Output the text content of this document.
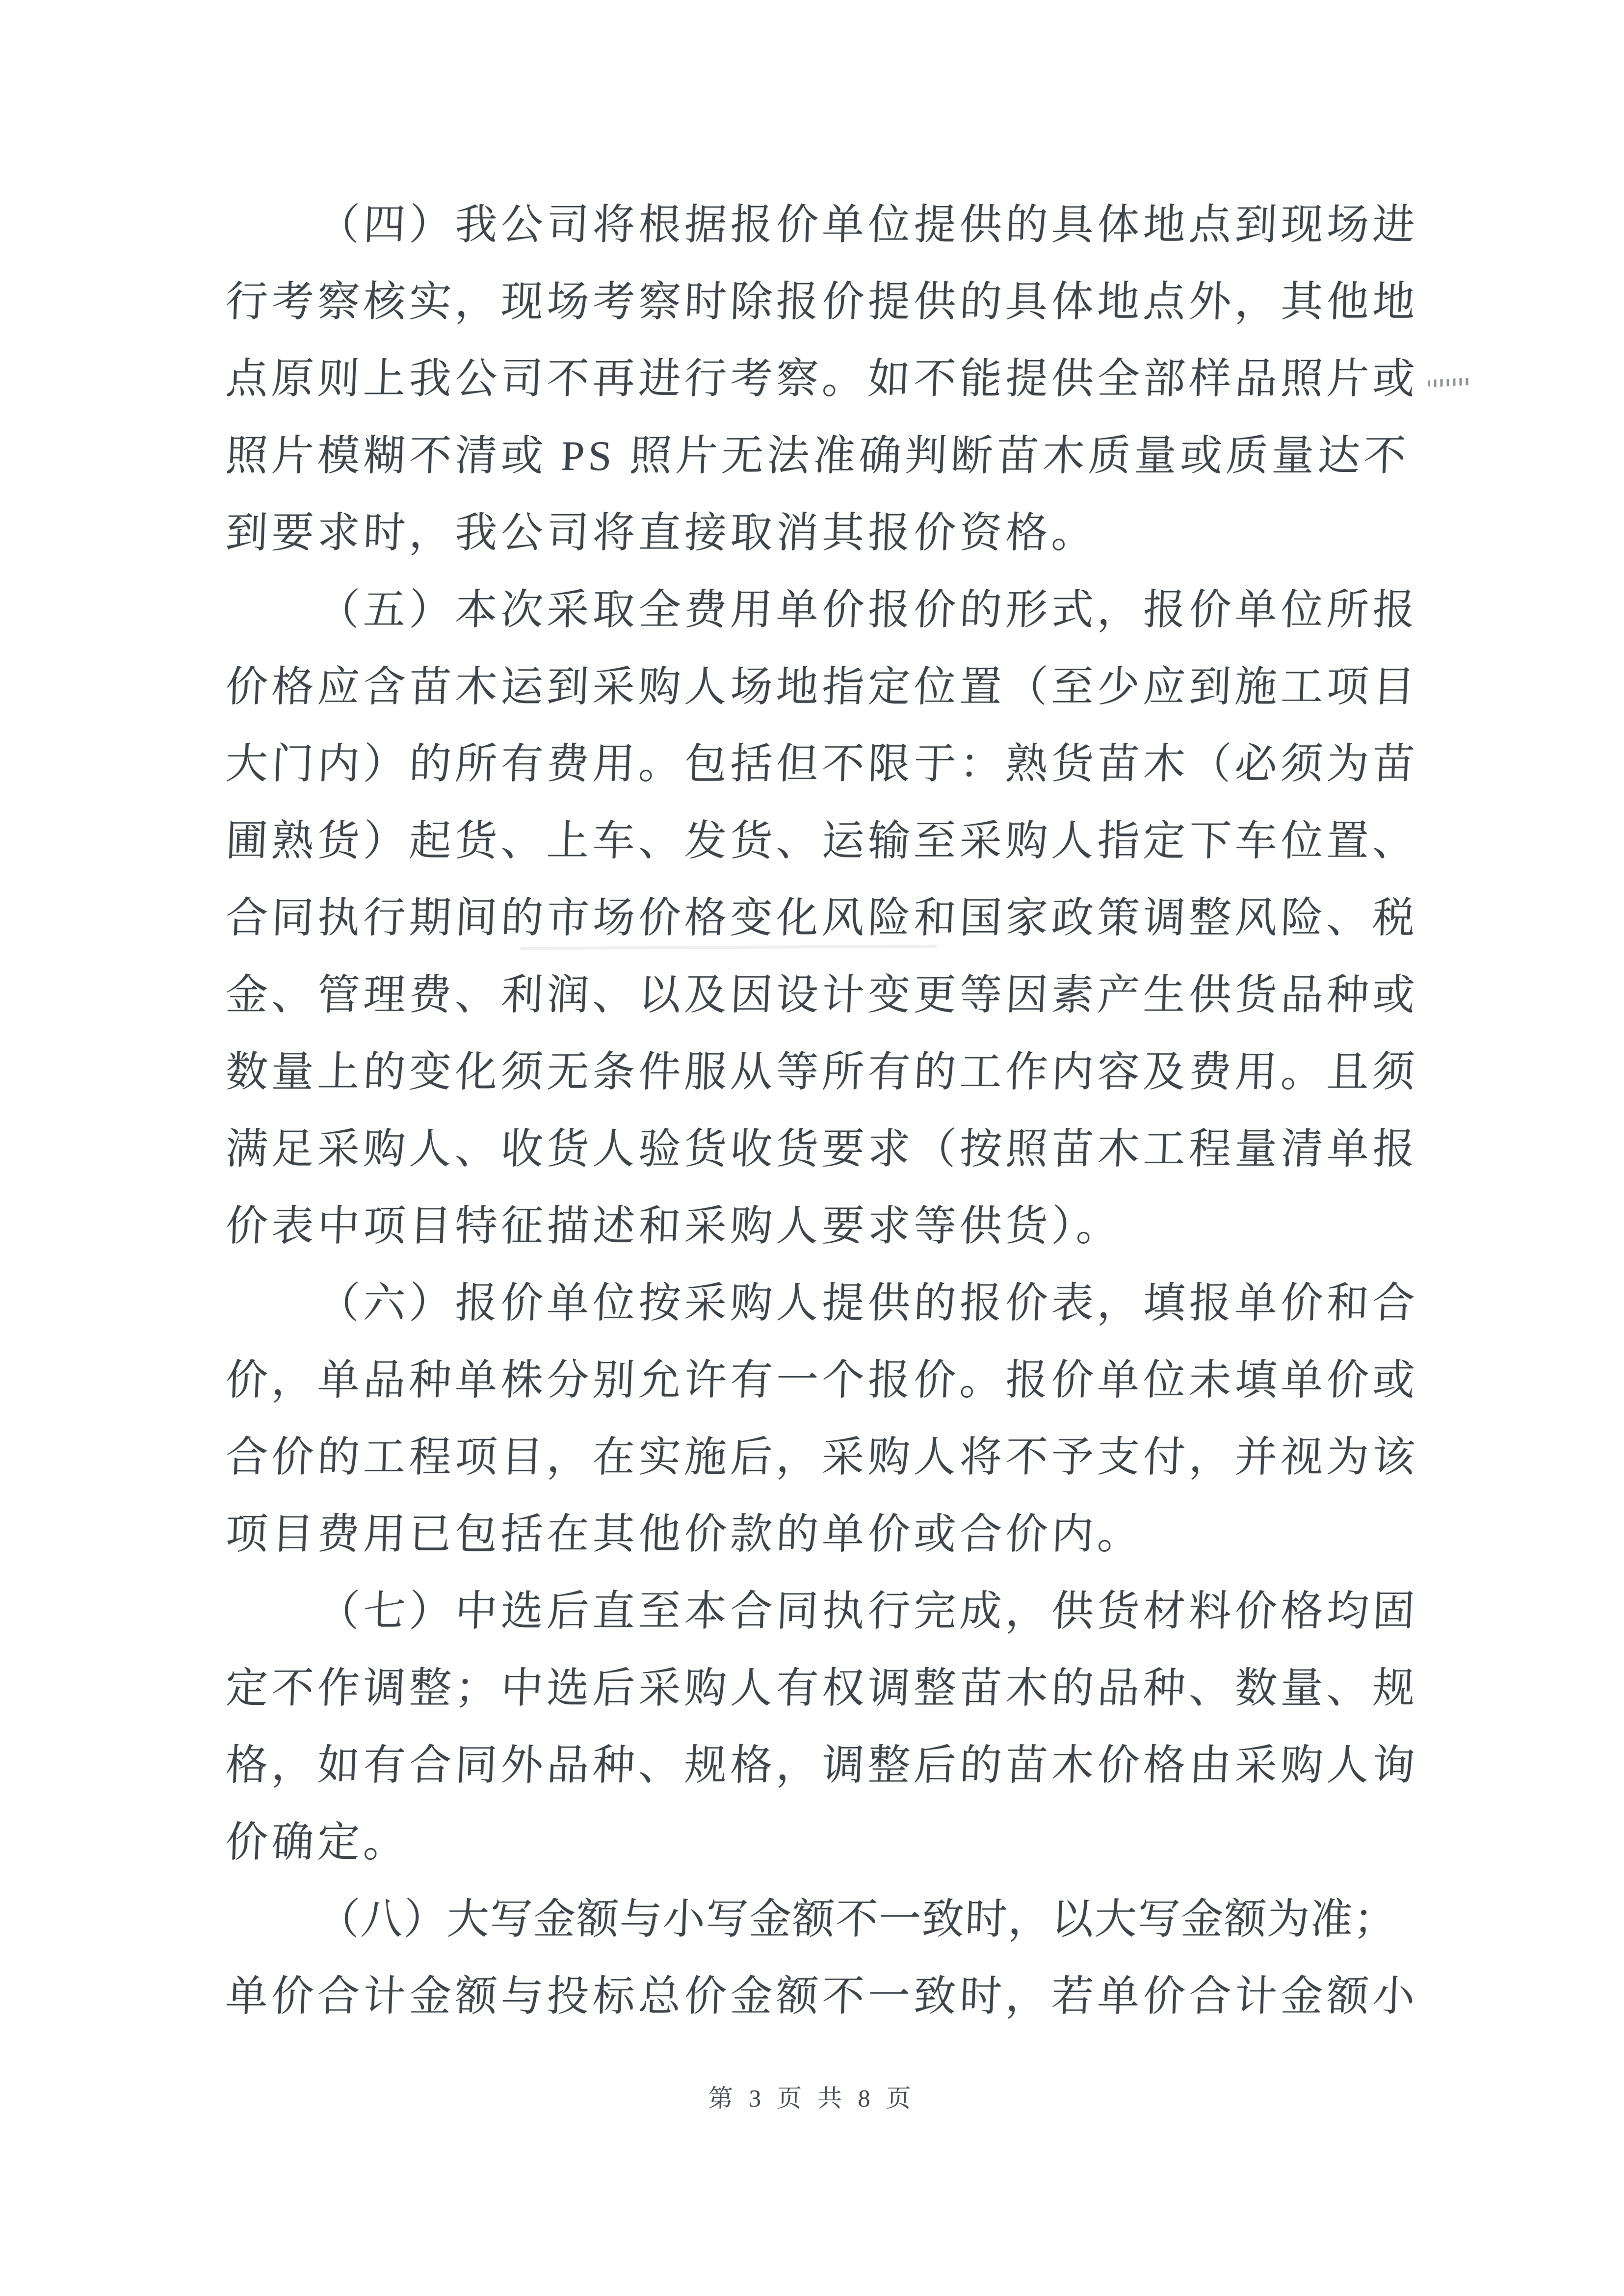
（四）我公司将根据报价单位提供的具体地点到现场进
行考察核实，现场考察时除报价提供的具体地点外，其他地
点原则上我公司不再进行考察。如不能提供全部样品照片或
照片模糊不清或 PS 照片无法准确判断苗木质量或质量达不
到要求时，我公司将直接取消其报价资格。
（五）本次采取全费用单价报价的形式，报价单位所报
价格应含苗木运到采购人场地指定位置（至少应到施工项目
大门内）的所有费用。包括但不限于：熟货苗木（必须为苗
圃熟货）起货、上车、发货、运输至采购人指定下车位置、
合同执行期间的市场价格变化风险和国家政策调整风险、税
金、管理费、利润、以及因设计变更等因素产生供货品种或
数量上的变化须无条件服从等所有的工作内容及费用。且须
满足采购人、收货人验货收货要求（按照苗木工程量清单报
价表中项目特征描述和采购人要求等供货）。
（六）报价单位按采购人提供的报价表，填报单价和合
价，单品种单株分别允许有一个报价。报价单位未填单价或
合价的工程项目，在实施后，采购人将不予支付，并视为该
项目费用已包括在其他价款的单价或合价内。
（七）中选后直至本合同执行完成，供货材料价格均固
定不作调整；中选后采购人有权调整苗木的品种、数量、规
格，如有合同外品种、规格，调整后的苗木价格由采购人询
价确定。
（八）大写金额与小写金额不一致时，以大写金额为准；
单价合计金额与投标总价金额不一致时，若单价合计金额小
第 3 页 共 8 页
